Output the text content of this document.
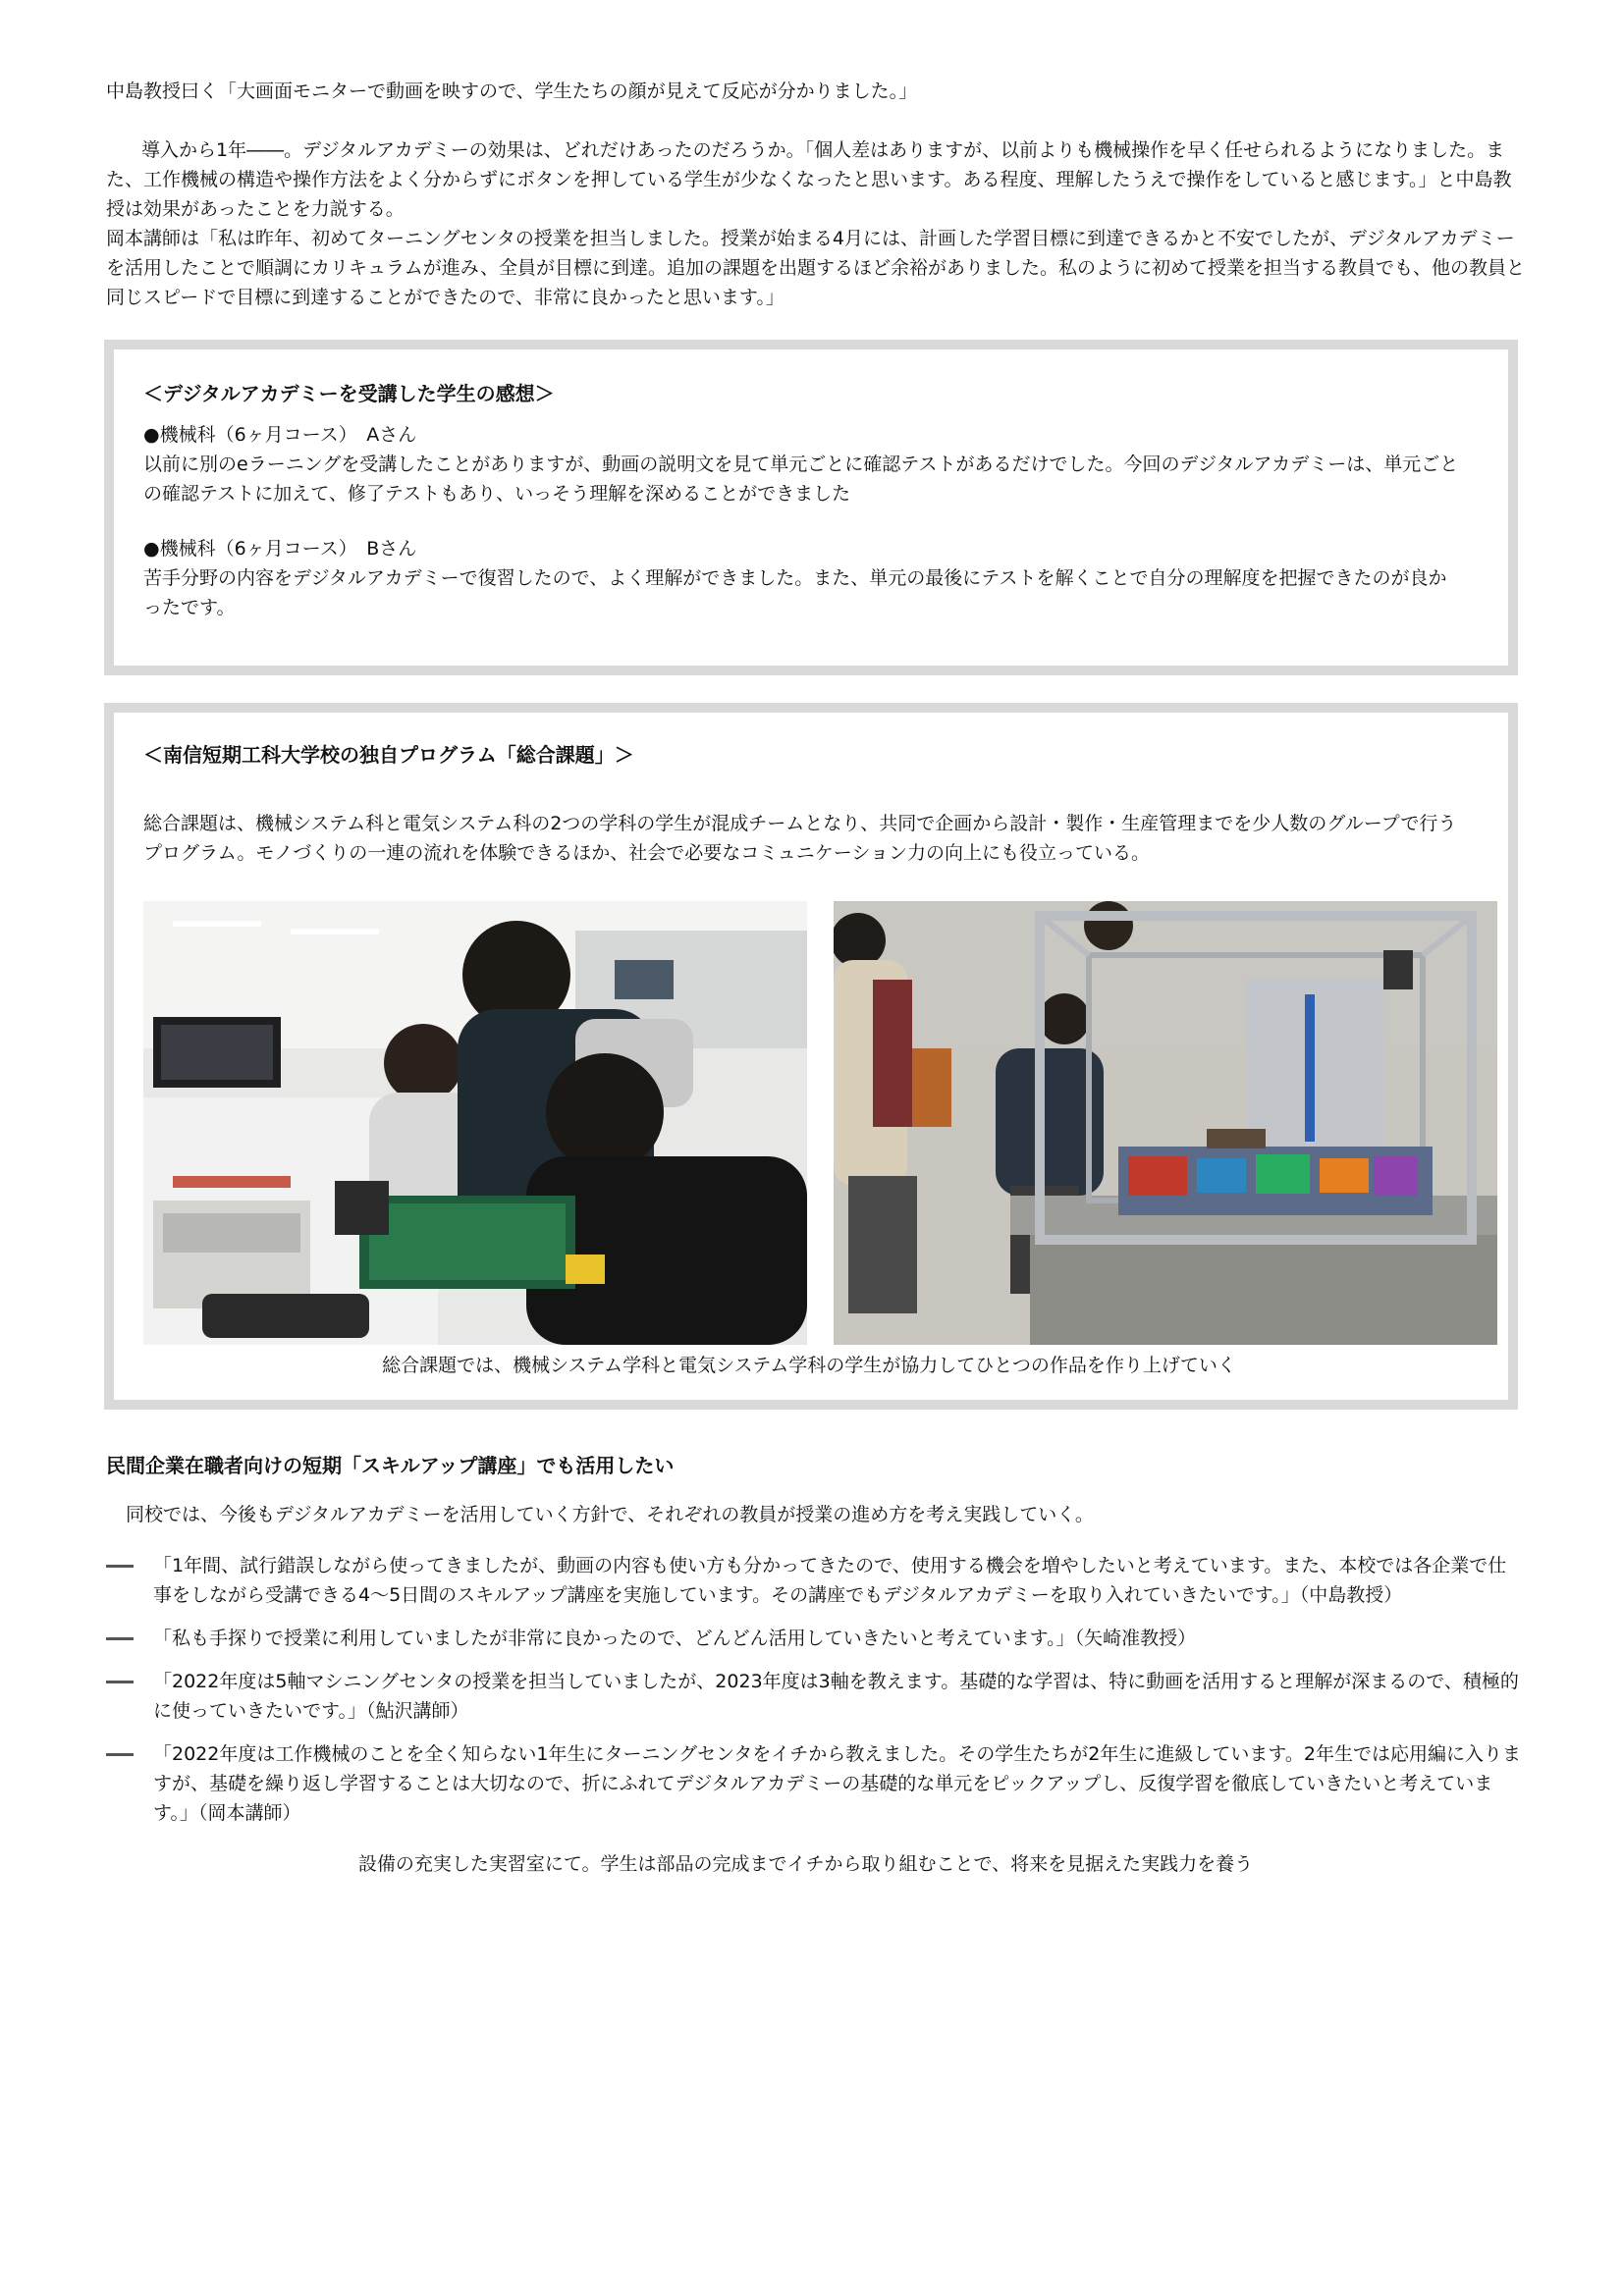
中島教授曰く「大画面モニターで動画を映すので、学生たちの顔が見えて反応が分かりました。」

導入から1年――。デジタルアカデミーの効果は、どれだけあったのだろうか。「個人差はありますが、以前よりも機械操作を早く任せられるようになりました。また、工作機械の構造や操作方法をよく分からずにボタンを押している学生が少なくなったと思います。ある程度、理解したうえで操作をしていると感じます。」と中島教授は効果があったことを力説する。

岡本講師は「私は昨年、初めてターニングセンタの授業を担当しました。授業が始まる4月には、計画した学習目標に到達できるかと不安でしたが、デジタルアカデミーを活用したことで順調にカリキュラムが進み、全員が目標に到達。追加の課題を出題するほど余裕がありました。私のように初めて授業を担当する教員でも、他の教員と同じスピードで目標に到達することができたので、非常に良かったと思います。」

＜デジタルアカデミーを受講した学生の感想＞

●機械科（6ヶ月コース）　Aさん

以前に別のeラーニングを受講したことがありますが、動画の説明文を見て単元ごとに確認テストがあるだけでした。今回のデジタルアカデミーは、単元ごとの確認テストに加えて、修了テストもあり、いっそう理解を深めることができました

●機械科（6ヶ月コース）　Bさん

苦手分野の内容をデジタルアカデミーで復習したので、よく理解ができました。また、単元の最後にテストを解くことで自分の理解度を把握できたのが良かったです。

＜南信短期工科大学校の独自プログラム「総合課題」＞

総合課題は、機械システム科と電気システム科の2つの学科の学生が混成チームとなり、共同で企画から設計・製作・生産管理までを少人数のグループで行うプログラム。モノづくりの一連の流れを体験できるほか、社会で必要なコミュニケーション力の向上にも役立っている。

総合課題では、機械システム学科と電気システム学科の学生が協力してひとつの作品を作り上げていく

民間企業在職者向けの短期「スキルアップ講座」でも活用したい

同校では、今後もデジタルアカデミーを活用していく方針で、それぞれの教員が授業の進め方を考え実践していく。

「1年間、試行錯誤しながら使ってきましたが、動画の内容も使い方も分かってきたので、使用する機会を増やしたいと考えています。また、本校では各企業で仕事をしながら受講できる4～5日間のスキルアップ講座を実施しています。その講座でもデジタルアカデミーを取り入れていきたいです。」（中島教授）
「私も手探りで授業に利用していましたが非常に良かったので、どんどん活用していきたいと考えています。」（矢崎准教授）
「2022年度は5軸マシニングセンタの授業を担当していましたが、2023年度は3軸を教えます。基礎的な学習は、特に動画を活用すると理解が深まるので、積極的に使っていきたいです。」（鮎沢講師）
「2022年度は工作機械のことを全く知らない1年生にターニングセンタをイチから教えました。その学生たちが2年生に進級しています。2年生では応用編に入りますが、基礎を繰り返し学習することは大切なので、折にふれてデジタルアカデミーの基礎的な単元をピックアップし、反復学習を徹底していきたいと考えています。」（岡本講師）

設備の充実した実習室にて。学生は部品の完成までイチから取り組むことで、将来を見据えた実践力を養う
